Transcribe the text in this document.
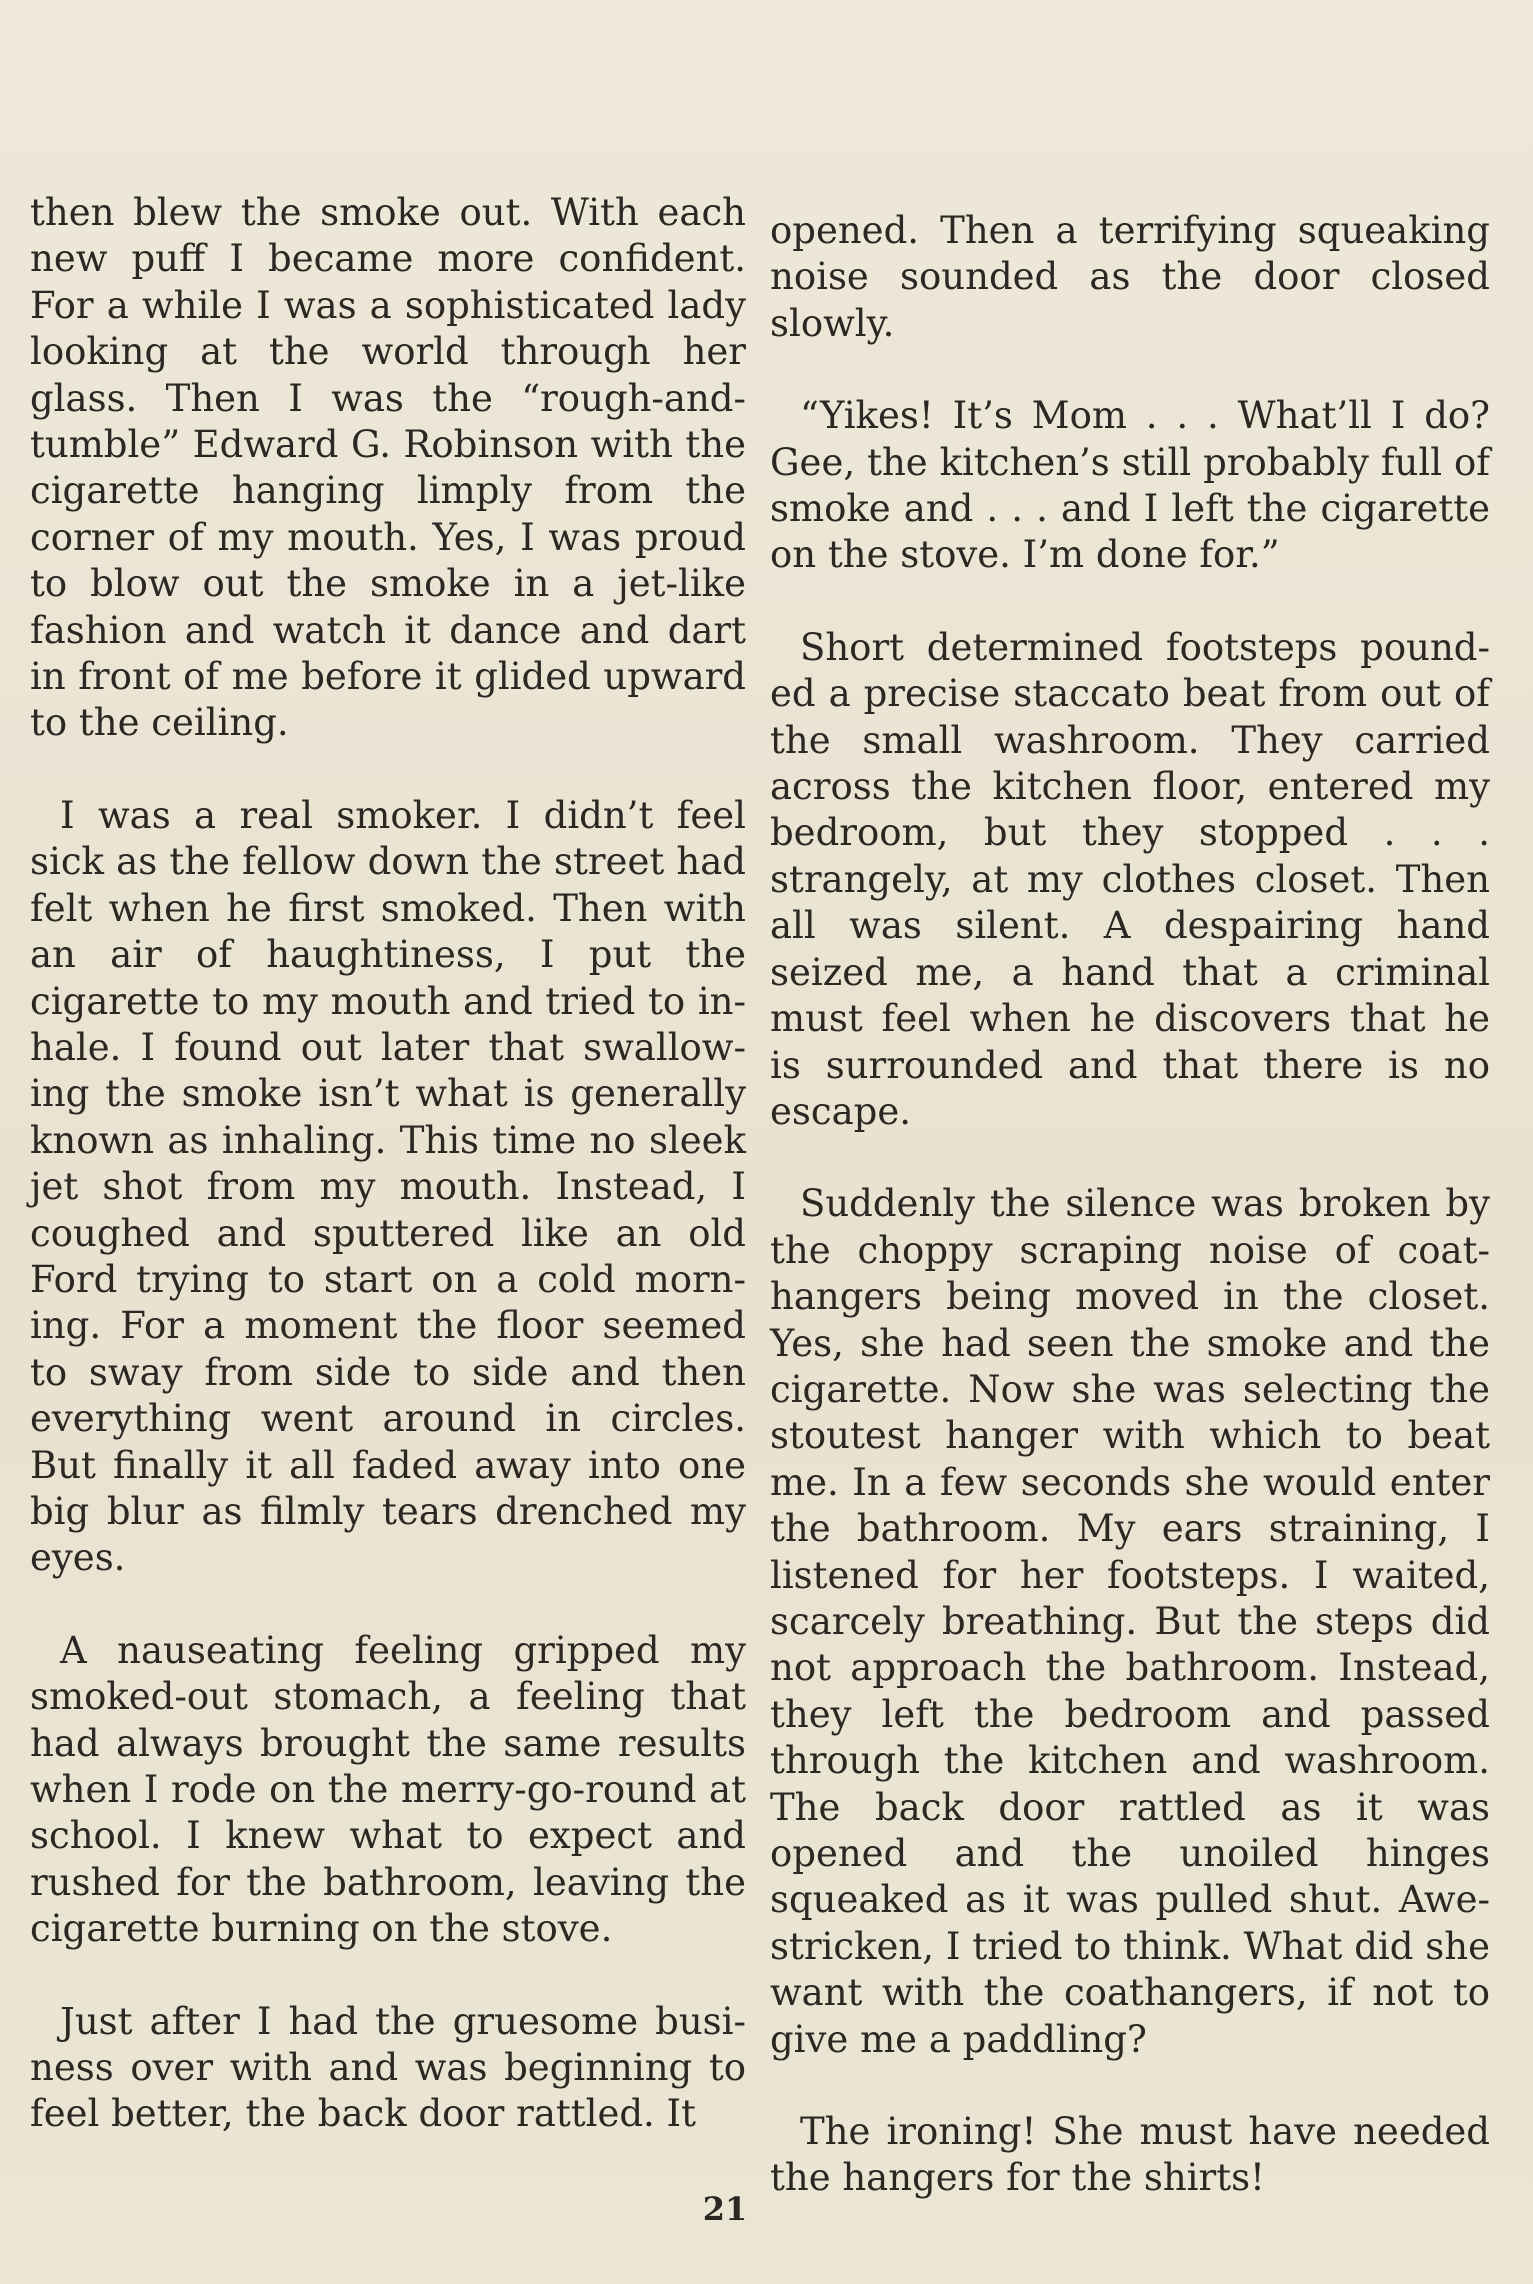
then blew the smoke out. With each new puff I became more confident. For a while I was a sophisticated lady looking at the world through her glass. Then I was the “rough-and-tumble” Edward G. Robinson with the cigarette hanging limply from the corner of my mouth. Yes, I was proud to blow out the smoke in a jet-like fashion and watch it dance and dart in front of me before it glided upward to the ceiling.

I was a real smoker. I didn’t feel sick as the fellow down the street had felt when he first smoked. Then with an air of haughtiness, I put the cigarette to my mouth and tried to inhale. I found out later that swallowing the smoke isn’t what is generally known as inhaling. This time no sleek jet shot from my mouth. Instead, I coughed and sputtered like an old Ford trying to start on a cold morning. For a moment the floor seemed to sway from side to side and then everything went around in circles. But finally it all faded away into one big blur as filmly tears drenched my eyes.

A nauseating feeling gripped my smoked-out stomach, a feeling that had always brought the same results when I rode on the merry-go-round at school. I knew what to expect and rushed for the bathroom, leaving the cigarette burning on the stove.

Just after I had the gruesome business over with and was beginning to feel better, the back door rattled. It

opened. Then a terrifying squeaking noise sounded as the door closed slowly.

“Yikes! It’s Mom . . . What’ll I do? Gee, the kitchen’s still probably full of smoke and . . . and I left the cigarette on the stove. I’m done for.”

Short determined footsteps pounded a precise staccato beat from out of the small washroom. They carried across the kitchen floor, entered my bedroom, but they stopped . . . strangely, at my clothes closet. Then all was silent. A despairing hand seized me, a hand that a criminal must feel when he discovers that he is surrounded and that there is no escape.

Suddenly the silence was broken by the choppy scraping noise of coathangers being moved in the closet. Yes, she had seen the smoke and the cigarette. Now she was selecting the stoutest hanger with which to beat me. In a few seconds she would enter the bathroom. My ears straining, I listened for her footsteps. I waited, scarcely breathing. But the steps did not approach the bathroom. Instead, they left the bedroom and passed through the kitchen and washroom. The back door rattled as it was opened and the unoiled hinges squeaked as it was pulled shut. Awe-stricken, I tried to think. What did she want with the coathangers, if not to give me a paddling?

The ironing! She must have needed the hangers for the shirts!

21
